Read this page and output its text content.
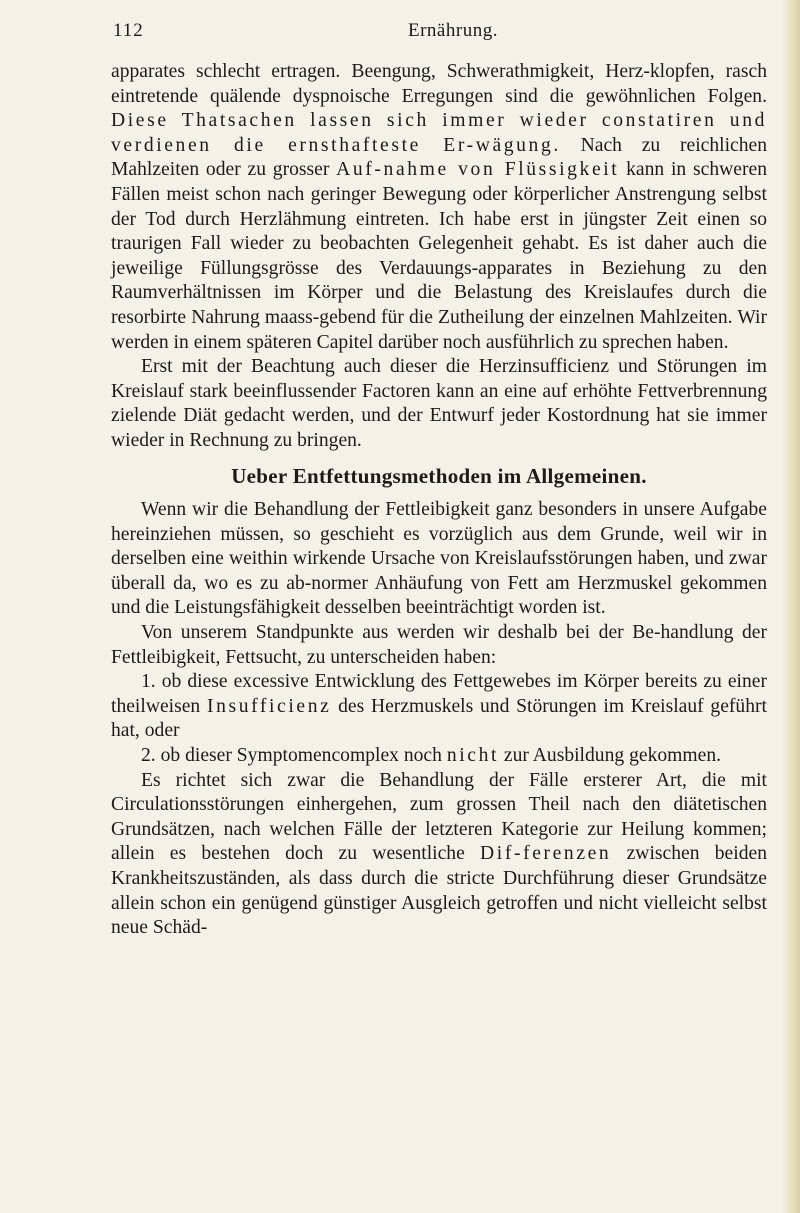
112	Ernährung.

apparates schlecht ertragen. Beengung, Schwerathmigkeit, Herz-klopfen, rasch eintretende quälende dyspnoische Erregungen sind die gewöhnlichen Folgen. Diese Thatsachen lassen sich immer wieder constatiren und verdienen die ernsthafteste Er-wägung. Nach zu reichlichen Mahlzeiten oder zu grosser Auf-nahme von Flüssigkeit kann in schweren Fällen meist schon nach geringer Bewegung oder körperlicher Anstrengung selbst der Tod durch Herzlähmung eintreten. Ich habe erst in jüngster Zeit einen so traurigen Fall wieder zu beobachten Gelegenheit gehabt. Es ist daher auch die jeweilige Füllungsgrösse des Verdauungs-apparates in Beziehung zu den Raumverhältnissen im Körper und die Belastung des Kreislaufes durch die resorbirte Nahrung maass-gebend für die Zutheilung der einzelnen Mahlzeiten. Wir werden in einem späteren Capitel darüber noch ausführlich zu sprechen haben.

Erst mit der Beachtung auch dieser die Herzinsufficienz und Störungen im Kreislauf stark beeinflussender Factoren kann an eine auf erhöhte Fettverbrennung zielende Diät gedacht werden, und der Entwurf jeder Kostordnung hat sie immer wieder in Rechnung zu bringen.

Ueber Entfettungsmethoden im Allgemeinen.

Wenn wir die Behandlung der Fettleibigkeit ganz besonders in unsere Aufgabe hereinziehen müssen, so geschieht es vorzüglich aus dem Grunde, weil wir in derselben eine weithin wirkende Ursache von Kreislaufsstörungen haben, und zwar überall da, wo es zu ab-normer Anhäufung von Fett am Herzmuskel gekommen und die Leistungsfähigkeit desselben beeinträchtigt worden ist.

Von unserem Standpunkte aus werden wir deshalb bei der Be-handlung der Fettleibigkeit, Fettsucht, zu unterscheiden haben:

1. ob diese excessive Entwicklung des Fettgewebes im Körper bereits zu einer theilweisen Insufficienz des Herzmuskels und Störungen im Kreislauf geführt hat, oder

2. ob dieser Symptomencomplex noch nicht zur Ausbildung gekommen.

Es richtet sich zwar die Behandlung der Fälle ersterer Art, die mit Circulationsstörungen einhergehen, zum grossen Theil nach den diätetischen Grundsätzen, nach welchen Fälle der letzteren Kategorie zur Heilung kommen; allein es bestehen doch zu wesentliche Dif-ferenzen zwischen beiden Krankheitszuständen, als dass durch die stricte Durchführung dieser Grundsätze allein schon ein genügend günstiger Ausgleich getroffen und nicht vielleicht selbst neue Schäd-
